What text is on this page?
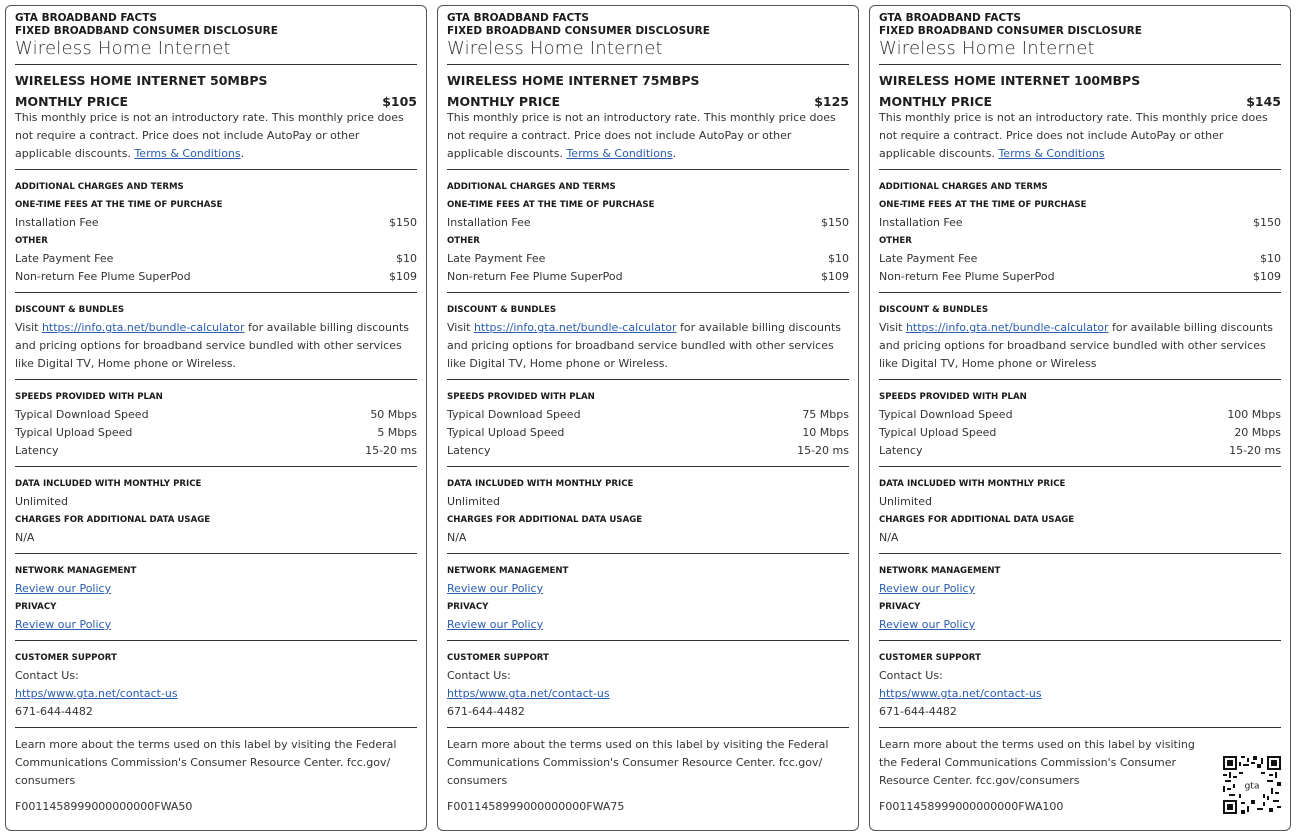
GTA BROADBAND FACTS
FIXED BROADBAND CONSUMER DISCLOSURE
Wireless Home Internet
WIRELESS HOME INTERNET 50MBPS
MONTHLY PRICE	$105
This monthly price is not an introductory rate. This monthly price does not require a contract. Price does not include AutoPay or other applicable discounts. Terms & Conditions.
ADDITIONAL CHARGES AND TERMS
ONE-TIME FEES AT THE TIME OF PURCHASE
Installation Fee	$150
OTHER
Late Payment Fee	$10
Non-return Fee Plume SuperPod	$109
DISCOUNT & BUNDLES
Visit https://info.gta.net/bundle-calculator for available billing discounts and pricing options for broadband service bundled with other services like Digital TV, Home phone or Wireless.
SPEEDS PROVIDED WITH PLAN
Typical Download Speed	50 Mbps
Typical Upload Speed	5 Mbps
Latency	15-20 ms
DATA INCLUDED WITH MONTHLY PRICE
Unlimited
CHARGES FOR ADDITIONAL DATA USAGE
N/A
NETWORK MANAGEMENT
Review our Policy
PRIVACY
Review our Policy
CUSTOMER SUPPORT
Contact Us:
https/www.gta.net/contact-us
671-644-4482
Learn more about the terms used on this label by visiting the Federal Communications Commission's Consumer Resource Center. fcc.gov/ consumers
F0011458999000000000FWA50
GTA BROADBAND FACTS
FIXED BROADBAND CONSUMER DISCLOSURE
Wireless Home Internet
WIRELESS HOME INTERNET 75MBPS
MONTHLY PRICE	$125
This monthly price is not an introductory rate. This monthly price does not require a contract. Price does not include AutoPay or other applicable discounts. Terms & Conditions.
ADDITIONAL CHARGES AND TERMS
ONE-TIME FEES AT THE TIME OF PURCHASE
Installation Fee	$150
OTHER
Late Payment Fee	$10
Non-return Fee Plume SuperPod	$109
DISCOUNT & BUNDLES
Visit https://info.gta.net/bundle-calculator for available billing discounts and pricing options for broadband service bundled with other services like Digital TV, Home phone or Wireless.
SPEEDS PROVIDED WITH PLAN
Typical Download Speed	75 Mbps
Typical Upload Speed	10 Mbps
Latency	15-20 ms
DATA INCLUDED WITH MONTHLY PRICE
Unlimited
CHARGES FOR ADDITIONAL DATA USAGE
N/A
NETWORK MANAGEMENT
Review our Policy
PRIVACY
Review our Policy
CUSTOMER SUPPORT
Contact Us:
https/www.gta.net/contact-us
671-644-4482
Learn more about the terms used on this label by visiting the Federal Communications Commission's Consumer Resource Center. fcc.gov/ consumers
F0011458999000000000FWA75
GTA BROADBAND FACTS
FIXED BROADBAND CONSUMER DISCLOSURE
Wireless Home Internet
WIRELESS HOME INTERNET 100MBPS
MONTHLY PRICE	$145
This monthly price is not an introductory rate. This monthly price does not require a contract. Price does not include AutoPay or other applicable discounts. Terms & Conditions
ADDITIONAL CHARGES AND TERMS
ONE-TIME FEES AT THE TIME OF PURCHASE
Installation Fee	$150
OTHER
Late Payment Fee	$10
Non-return Fee Plume SuperPod	$109
DISCOUNT & BUNDLES
Visit https://info.gta.net/bundle-calculator for available billing discounts and pricing options for broadband service bundled with other services like Digital TV, Home phone or Wireless
SPEEDS PROVIDED WITH PLAN
Typical Download Speed	100 Mbps
Typical Upload Speed	20 Mbps
Latency	15-20 ms
DATA INCLUDED WITH MONTHLY PRICE
Unlimited
CHARGES FOR ADDITIONAL DATA USAGE
N/A
NETWORK MANAGEMENT
Review our Policy
PRIVACY
Review our Policy
CUSTOMER SUPPORT
Contact Us:
https/www.gta.net/contact-us
671-644-4482
Learn more about the terms used on this label by visiting the Federal Communications Commission's Consumer Resource Center. fcc.gov/consumers
F0011458999000000000FWA100
gta
